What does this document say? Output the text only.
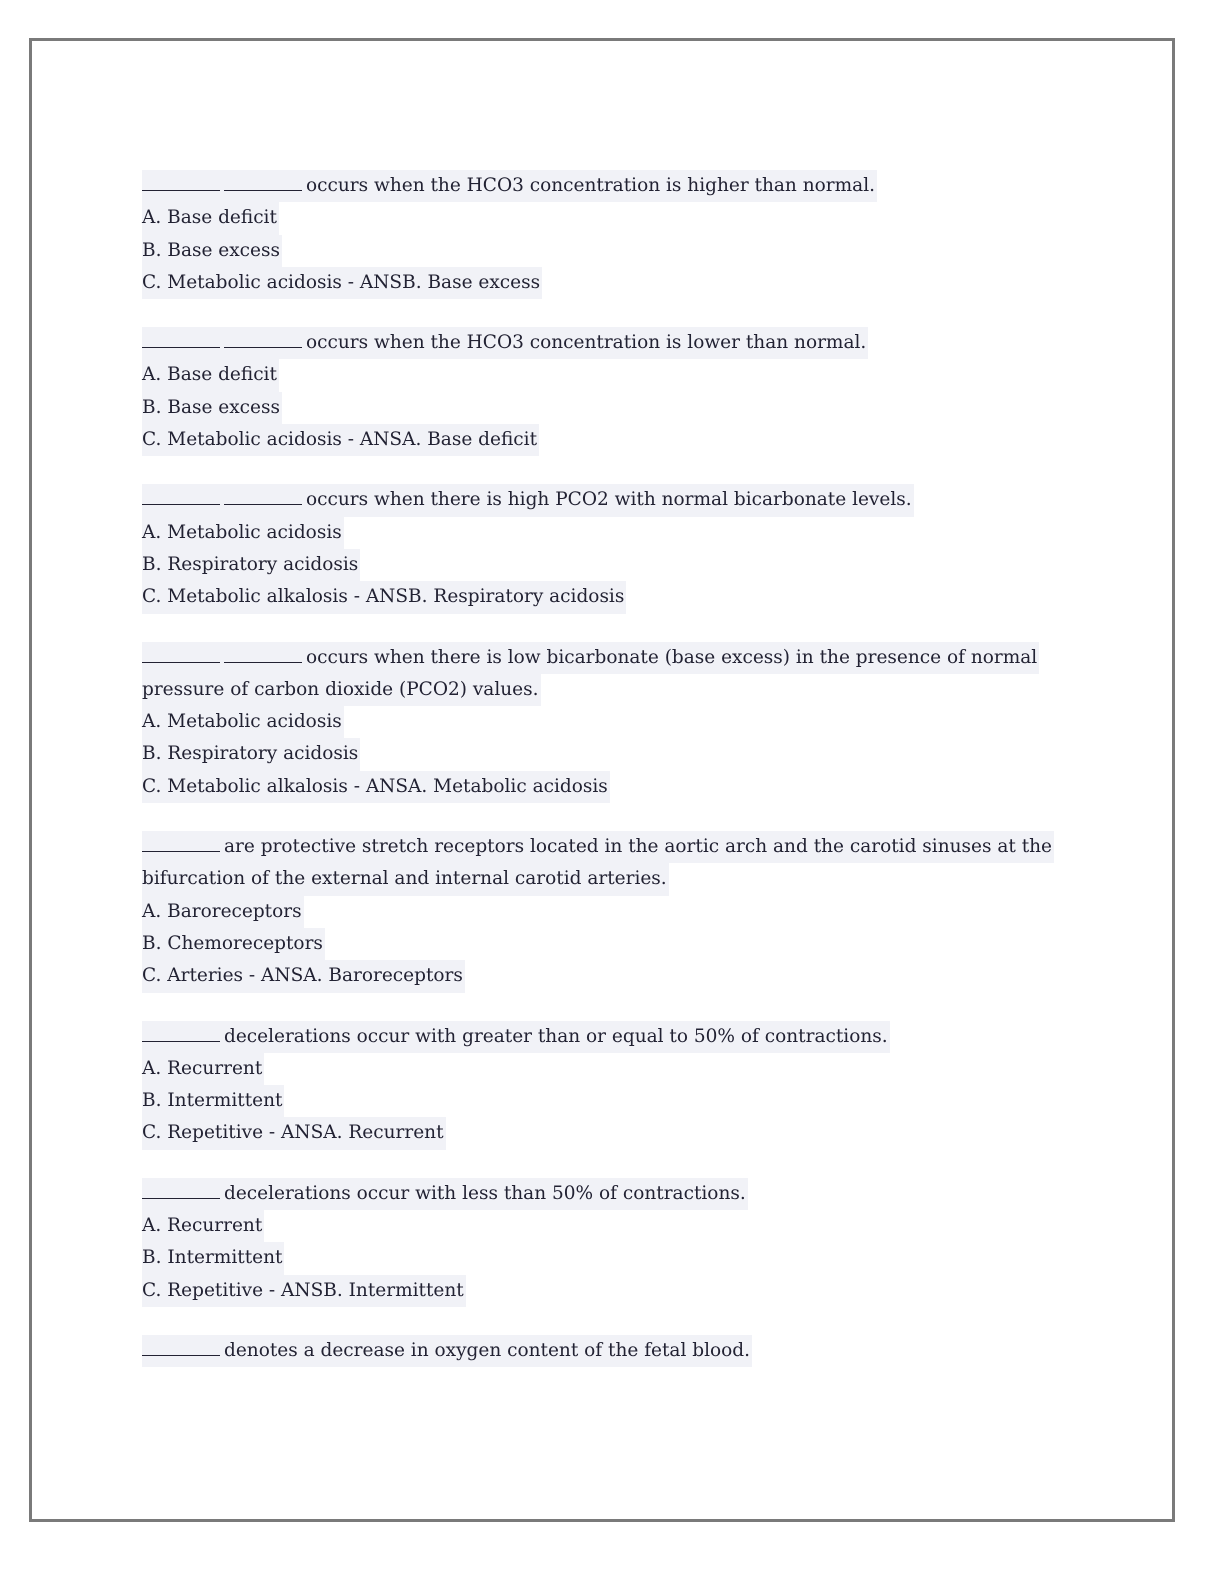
occurs when the HCO3 concentration is higher than normal.
A. Base deficit
B. Base excess
C. Metabolic acidosis - ANSB. Base excess
occurs when the HCO3 concentration is lower than normal.
A. Base deficit
B. Base excess
C. Metabolic acidosis - ANSA. Base deficit
occurs when there is high PCO2 with normal bicarbonate levels.
A. Metabolic acidosis
B. Respiratory acidosis
C. Metabolic alkalosis - ANSB. Respiratory acidosis
occurs when there is low bicarbonate (base excess) in the presence of normal
pressure of carbon dioxide (PCO2) values.
A. Metabolic acidosis
B. Respiratory acidosis
C. Metabolic alkalosis - ANSA. Metabolic acidosis
are protective stretch receptors located in the aortic arch and the carotid sinuses at the
bifurcation of the external and internal carotid arteries.
A. Baroreceptors
B. Chemoreceptors
C. Arteries - ANSA. Baroreceptors
decelerations occur with greater than or equal to 50% of contractions.
A. Recurrent
B. Intermittent
C. Repetitive - ANSA. Recurrent
decelerations occur with less than 50% of contractions.
A. Recurrent
B. Intermittent
C. Repetitive - ANSB. Intermittent
denotes a decrease in oxygen content of the fetal blood.
